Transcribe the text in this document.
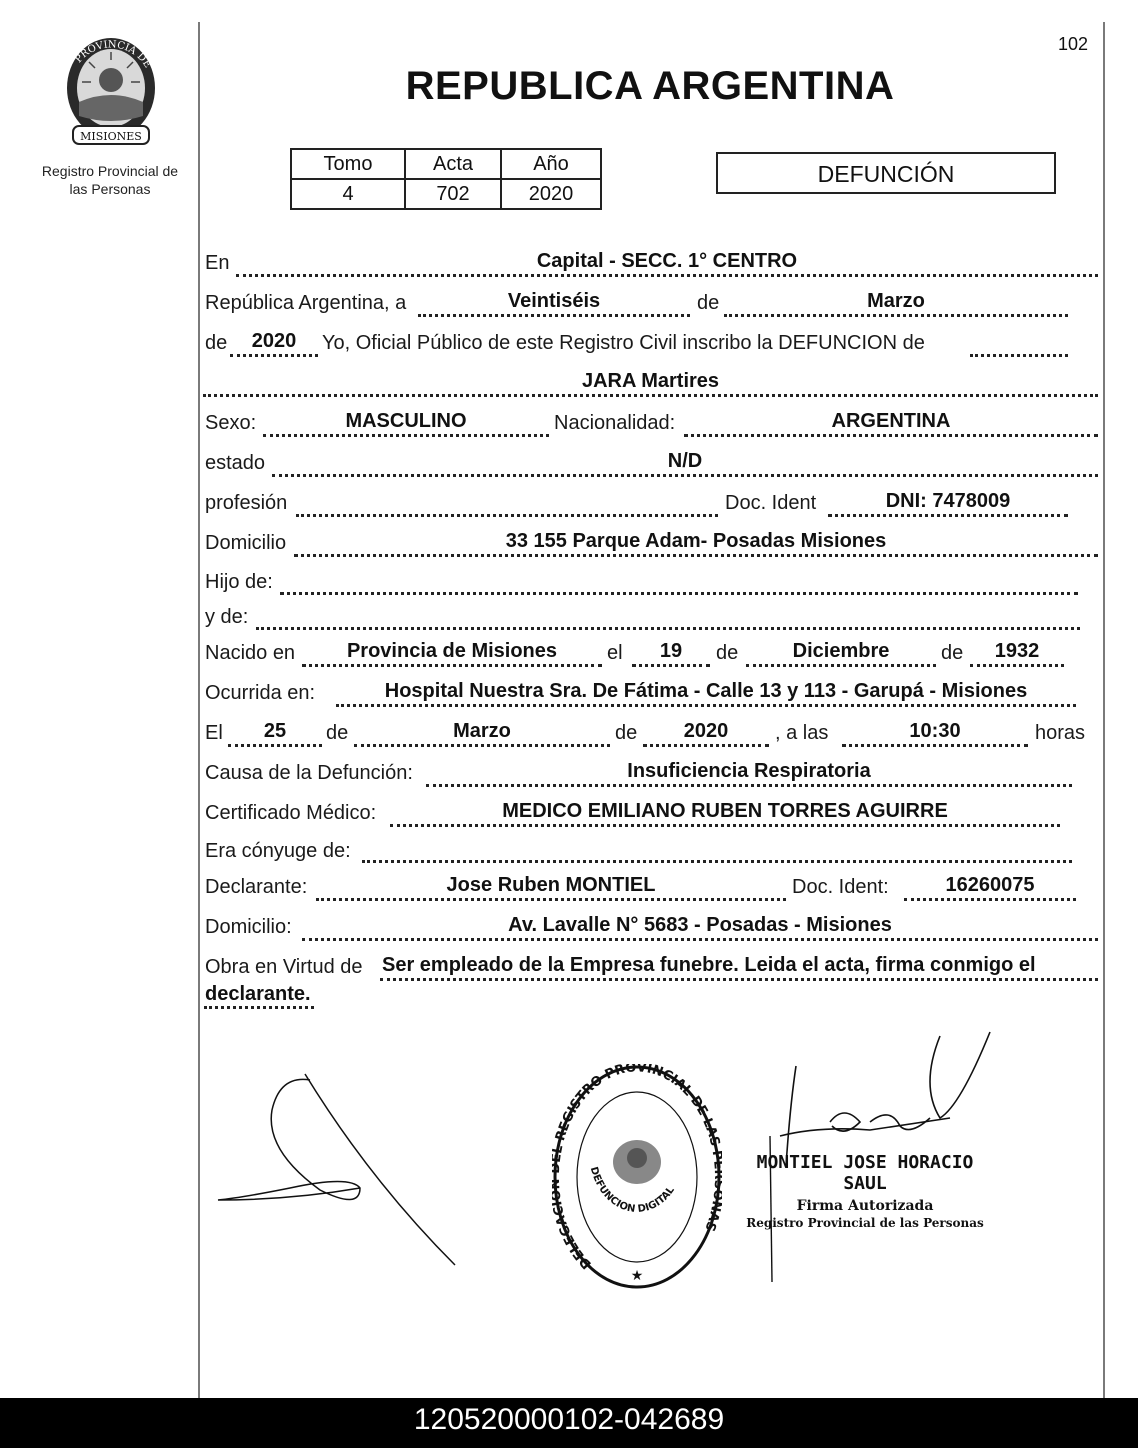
PROVINCIA DE
MISIONES
Registro Provincial de
las Personas
102
REPUBLICA ARGENTINA
Tomo	Acta	Año
4	702	2020
DEFUNCIÓN
En	Capital - SECC. 1° CENTRO
República Argentina, a	Veintiséis	de	Marzo
de	2020	Yo, Oficial Público de este Registro Civil inscribo la DEFUNCION de
JARA Martires
Sexo:	MASCULINO	Nacionalidad:	ARGENTINA
estado	N/D
profesión	Doc. Ident	DNI: 7478009
Domicilio	33 155 Parque Adam- Posadas Misiones
Hijo de:
y de:
Nacido en	Provincia de Misiones	el	19	de	Diciembre	de	1932
Ocurrida en:	Hospital Nuestra Sra. De Fátima - Calle 13 y 113 - Garupá - Misiones
El	25	de	Marzo	de	2020	, a las	10:30	horas
Causa de la Defunción:	Insuficiencia Respiratoria
Certificado Médico:	MEDICO EMILIANO RUBEN TORRES AGUIRRE
Era cónyuge de:
Declarante:	Jose Ruben MONTIEL	Doc. Ident:	16260075
Domicilio:	Av. Lavalle N° 5683 - Posadas - Misiones
Obra en Virtud de Ser empleado de la Empresa funebre. Leida el acta, firma conmigo el
declarante.
DELEGAC REGISTRO PROVINCIAL DE LAS AS
DEFUNCION DIGITAL
★
MONTIEL JOSE HORACIO SAUL
Firma Autorizada
Registro Provincial de las Personas
120520000102-042689
